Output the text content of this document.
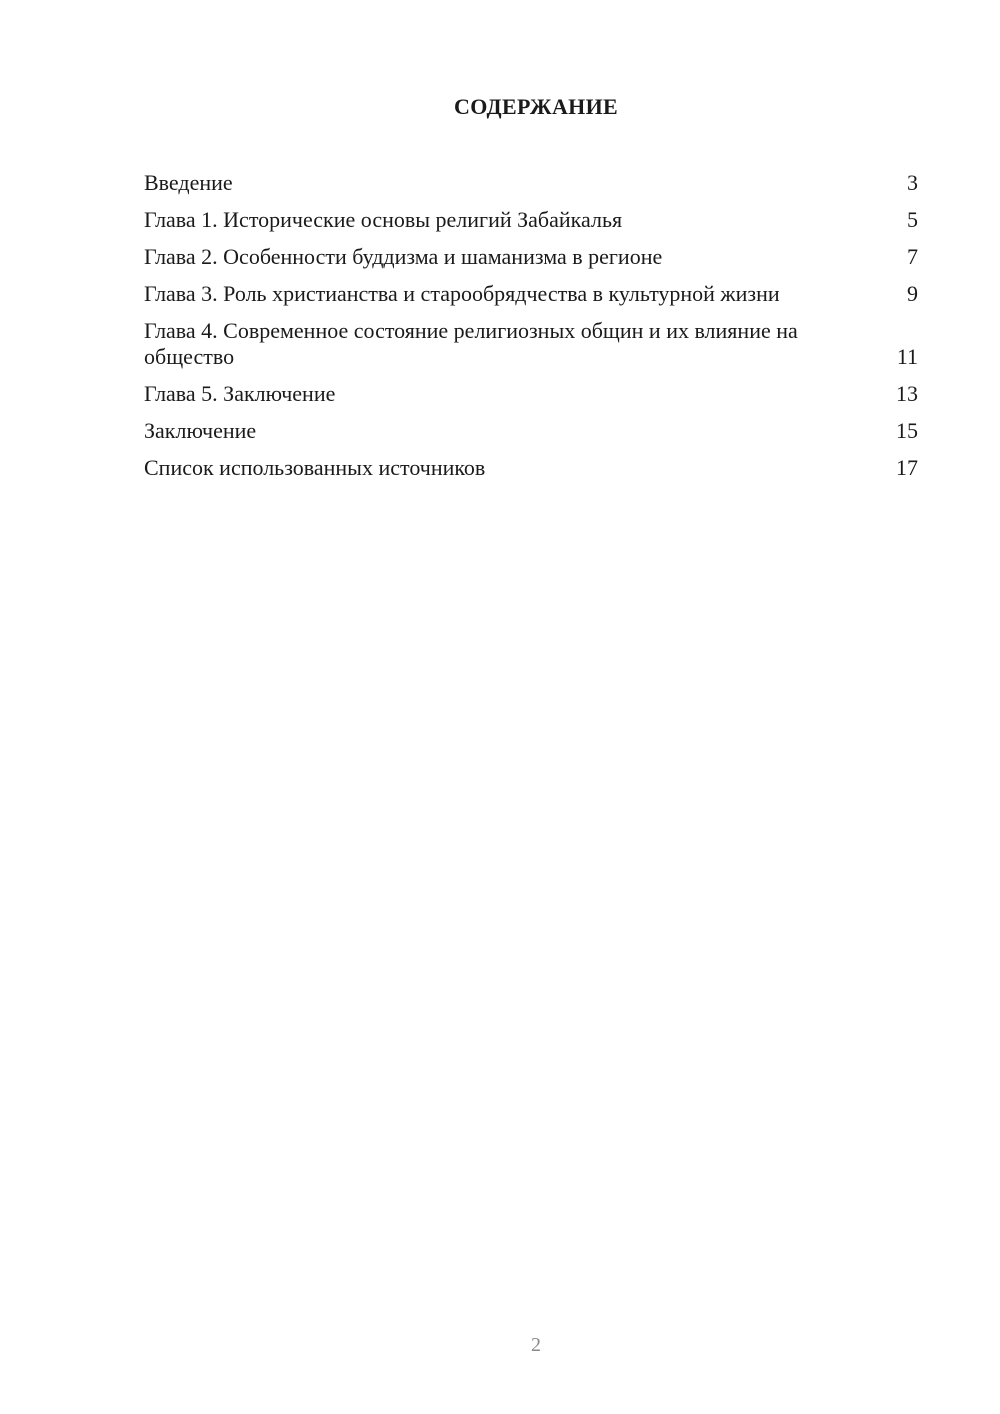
СОДЕРЖАНИЕ
Введение	3
Глава 1. Исторические основы религий Забайкалья	5
Глава 2. Особенности буддизма и шаманизма в регионе	7
Глава 3. Роль христианства и старообрядчества в культурной жизни	9
Глава 4. Современное состояние религиозных общин и их влияние на общество	11
Глава 5. Заключение	13
Заключение	15
Список использованных источников	17
2
